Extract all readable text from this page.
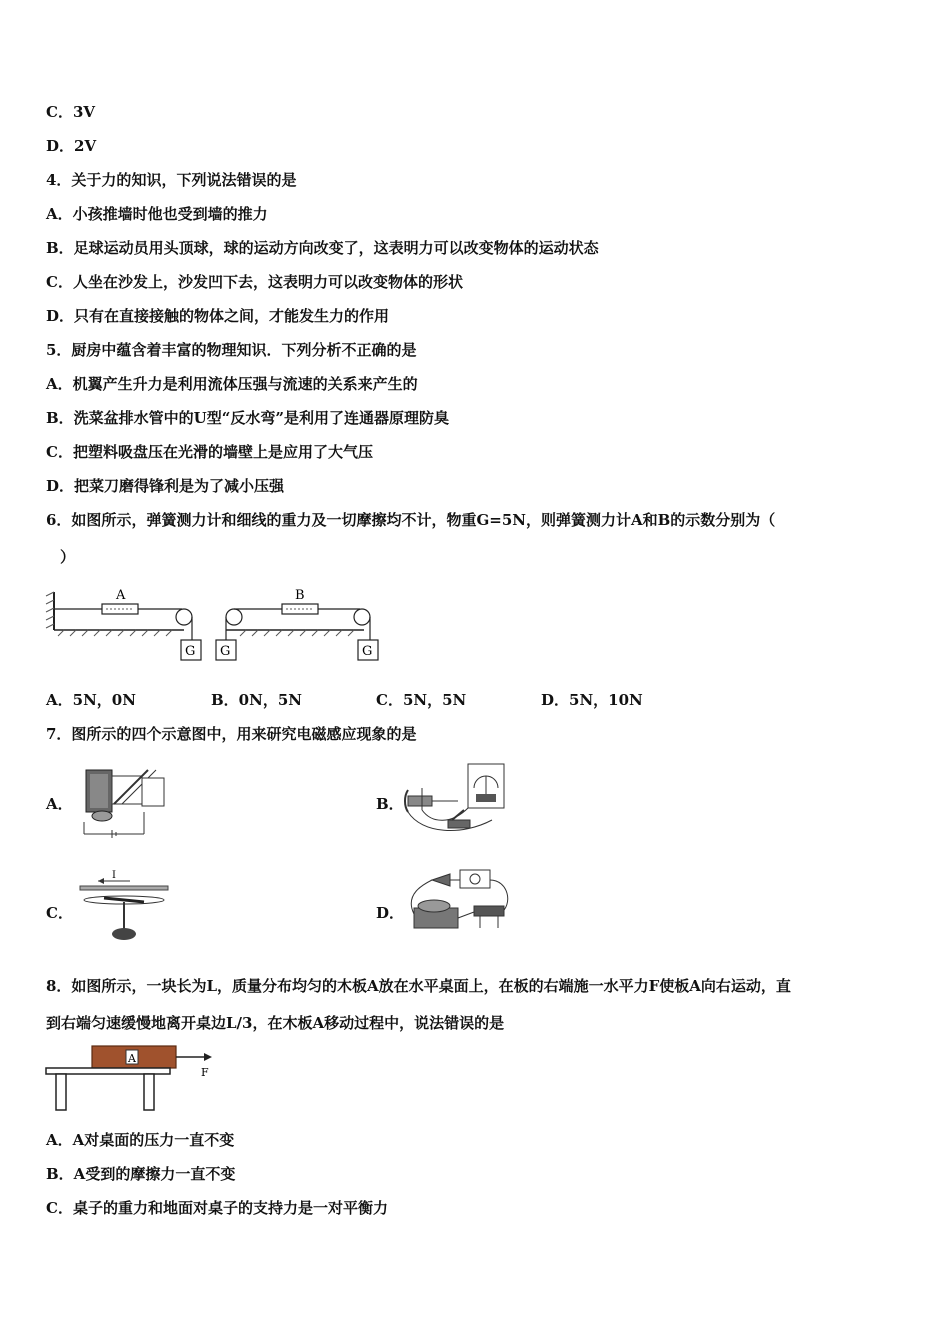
C．3V
D．2V
4．关于力的知识，下列说法错误的是
A．小孩推墙时他也受到墙的推力
B．足球运动员用头顶球，球的运动方向改变了，这表明力可以改变物体的运动状态
C．人坐在沙发上，沙发凹下去，这表明力可以改变物体的形状
D．只有在直接接触的物体之间，才能发生力的作用
5．厨房中蕴含着丰富的物理知识．下列分析不正确的是
A．机翼产生升力是利用流体压强与流速的关系来产生的
B．洗菜盆排水管中的U型“反水弯”是利用了连通器原理防臭
C．把塑料吸盘压在光滑的墙壁上是应用了大气压
D．把菜刀磨得锋利是为了减小压强
6．如图所示，弹簧测力计和细线的重力及一切摩擦均不计，物重G=5N，则弹簧测力计A和B的示数分别为（
）
A
G G
B
G
A．5N，0N	B．0N，5N	C．5N，5N	D．5N，10N
7．图所示的四个示意图中，用来研究电磁感应现象的是
A．	B．
C．
I
D．
8．如图所示，一块长为L，质量分布均匀的木板A放在水平桌面上，在板的右端施一水平力F使板A向右运动，直
到右端匀速缓慢地离开桌边L/3，在木板A移动过程中，说法错误的是
A
F
A．A对桌面的压力一直不变
B．A受到的摩擦力一直不变
C．桌子的重力和地面对桌子的支持力是一对平衡力
